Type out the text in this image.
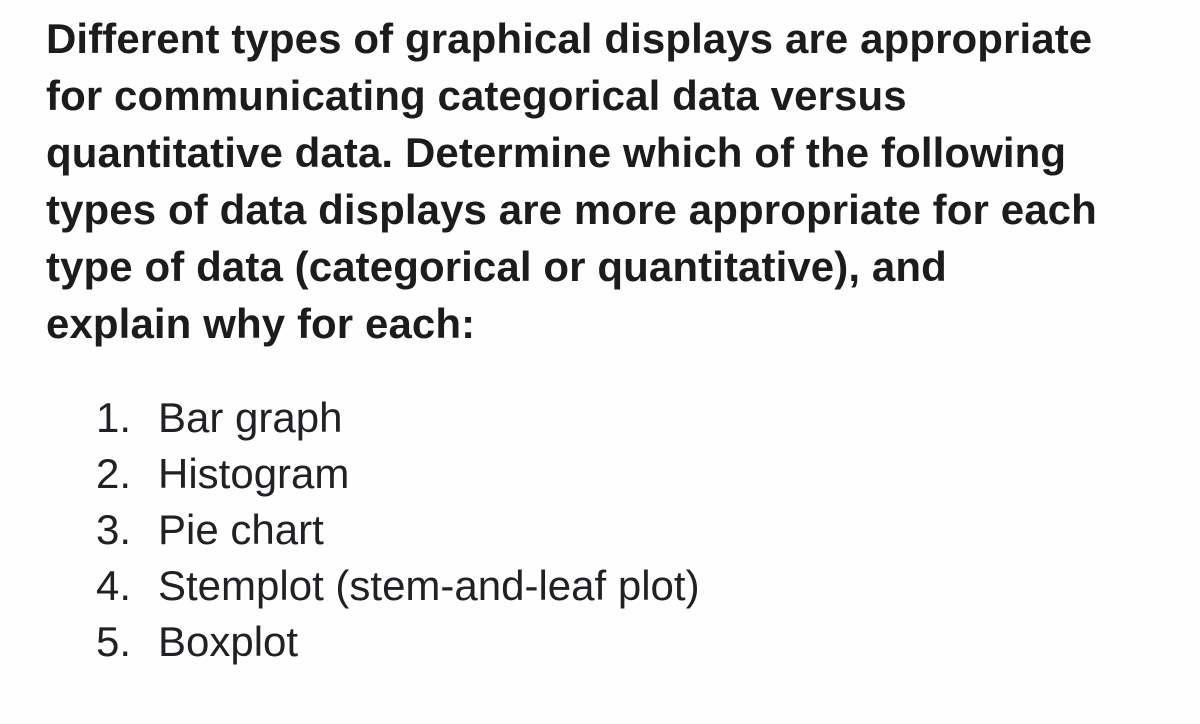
Different types of graphical displays are appropriate
for communicating categorical data versus
quantitative data. Determine which of the following
types of data displays are more appropriate for each
type of data (categorical or quantitative), and
explain why for each:
1. Bar graph
2. Histogram
3. Pie chart
4. Stemplot (stem-and-leaf plot)
5. Boxplot
